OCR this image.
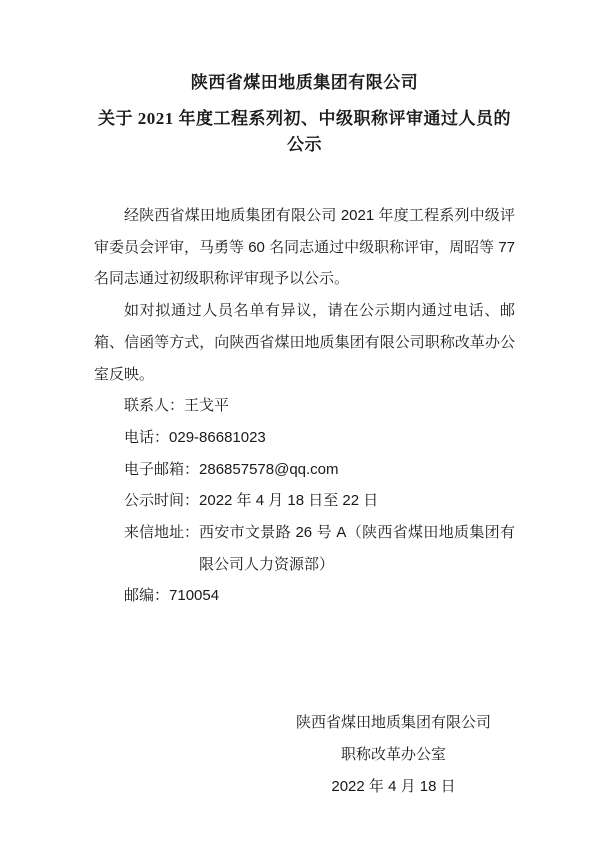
陕西省煤田地质集团有限公司
关于 2021 年度工程系列初、中级职称评审通过人员的公示

经陕西省煤田地质集团有限公司 2021 年度工程系列中级评审委员会评审，马勇等 60 名同志通过中级职称评审，周昭等 77 名同志通过初级职称评审现予以公示。

如对拟通过人员名单有异议，请在公示期内通过电话、邮箱、信函等方式，向陕西省煤田地质集团有限公司职称改革办公室反映。

联系人： 王戈平
电话： 029-86681023
电子邮箱： 286857578@qq.com
公示时间： 2022 年 4 月 18 日至 22 日
来信地址： 西安市文景路 26 号 A（陕西省煤田地质集团有限公司人力资源部）
邮编： 710054
陕西省煤田地质集团有限公司
职称改革办公室
2022 年 4 月 18 日
